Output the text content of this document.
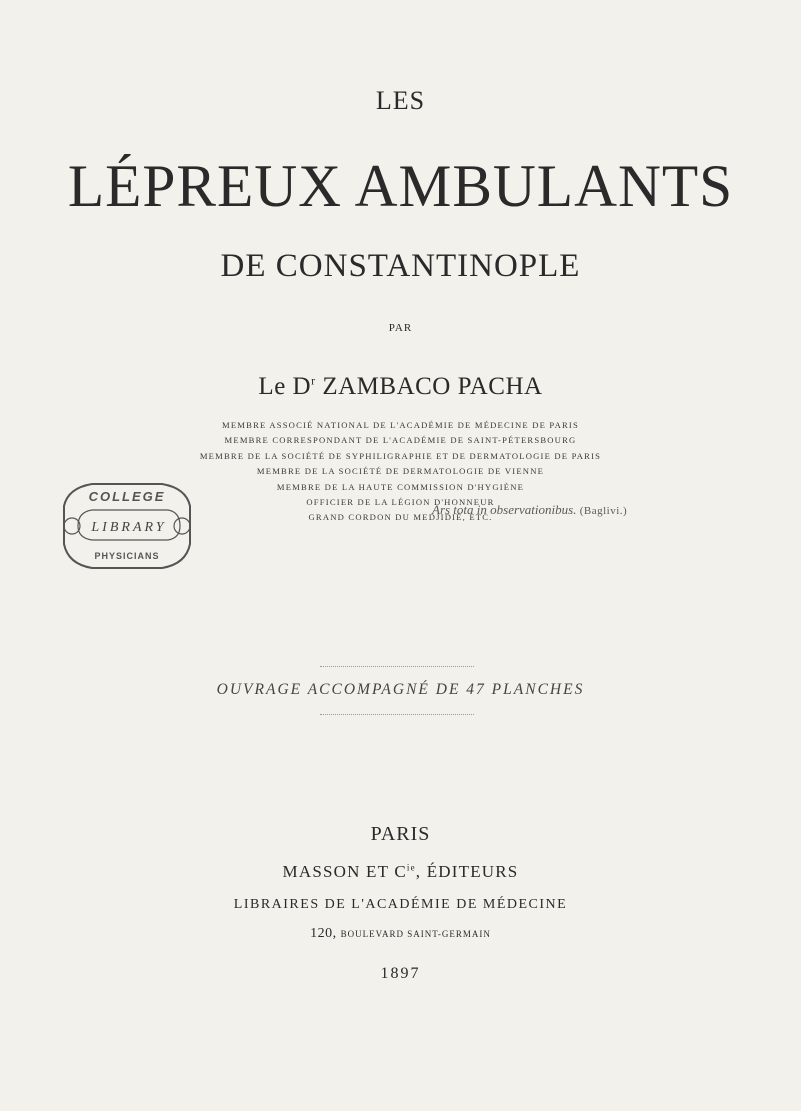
LES
LÉPREUX AMBULANTS
DE CONSTANTINOPLE
PAR
Le $D^r$ ZAMBACO PACHA
MEMBRE ASSOCIÉ NATIONAL DE L'ACADÉMIE DE MÉDECINE DE PARIS
MEMBRE CORRESPONDANT DE L'ACADÉMIE DE SAINT-PÉTERSBOURG
MEMBRE DE LA SOCIÉTÉ DE SYPHILIGRAPHIE ET DE DERMATOLOGIE DE PARIS
MEMBRE DE LA SOCIÉTÉ DE DERMATOLOGIE DE VIENNE
MEMBRE DE LA HAUTE COMMISSION D'HYGIÈNE
OFFICIER DE LA LÉGION D'HONNEUR
GRAND CORDON DU MEDJIDIÉ, ETC.
COLLEGE
LIBRARY
PHYSICIANS
Ars tota in observationibus. (Baglivi.)
OUVRAGE ACCOMPAGNÉ DE 47 PLANCHES
PARIS
MASSON ET $C^{ie}$, ÉDITEURS
LIBRAIRES DE L'ACADÉMIE DE MÉDECINE
120, BOULEVARD SAINT-GERMAIN
1897
